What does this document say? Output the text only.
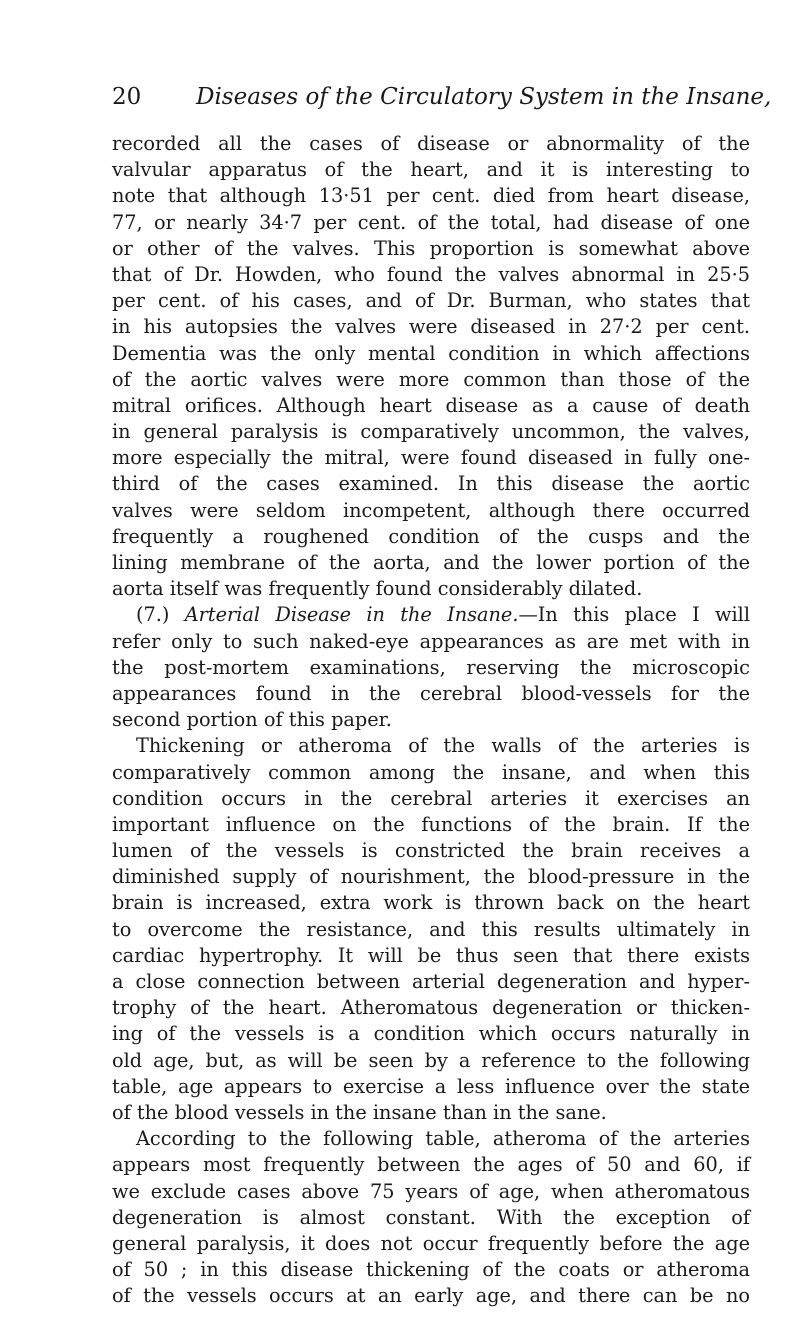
20 Diseases of the Circulatory System in the Insane,
recorded all the cases of disease or abnormality of the
valvular apparatus of the heart, and it is interesting to
note that although 13·51 per cent. died from heart disease,
77, or nearly 34·7 per cent. of the total, had disease of one
or other of the valves. This proportion is somewhat above
that of Dr. Howden, who found the valves abnormal in 25·5
per cent. of his cases, and of Dr. Burman, who states that
in his autopsies the valves were diseased in 27·2 per cent.
Dementia was the only mental condition in which affections
of the aortic valves were more common than those of the
mitral orifices. Although heart disease as a cause of death
in general paralysis is comparatively uncommon, the valves,
more especially the mitral, were found diseased in fully one-
third of the cases examined. In this disease the aortic
valves were seldom incompetent, although there occurred
frequently a roughened condition of the cusps and the
lining membrane of the aorta, and the lower portion of the
aorta itself was frequently found considerably dilated.
(7.) Arterial Disease in the Insane.—In this place I will
refer only to such naked-eye appearances as are met with in
the post-mortem examinations, reserving the microscopic
appearances found in the cerebral blood-vessels for the
second portion of this paper.
Thickening or atheroma of the walls of the arteries is
comparatively common among the insane, and when this
condition occurs in the cerebral arteries it exercises an
important influence on the functions of the brain. If the
lumen of the vessels is constricted the brain receives a
diminished supply of nourishment, the blood-pressure in the
brain is increased, extra work is thrown back on the heart
to overcome the resistance, and this results ultimately in
cardiac hypertrophy. It will be thus seen that there exists
a close connection between arterial degeneration and hyper-
trophy of the heart. Atheromatous degeneration or thicken-
ing of the vessels is a condition which occurs naturally in
old age, but, as will be seen by a reference to the following
table, age appears to exercise a less influence over the state
of the blood vessels in the insane than in the sane.
According to the following table, atheroma of the arteries
appears most frequently between the ages of 50 and 60, if
we exclude cases above 75 years of age, when atheromatous
degeneration is almost constant. With the exception of
general paralysis, it does not occur frequently before the age
of 50 ; in this disease thickening of the coats or atheroma
of the vessels occurs at an early age, and there can be no
